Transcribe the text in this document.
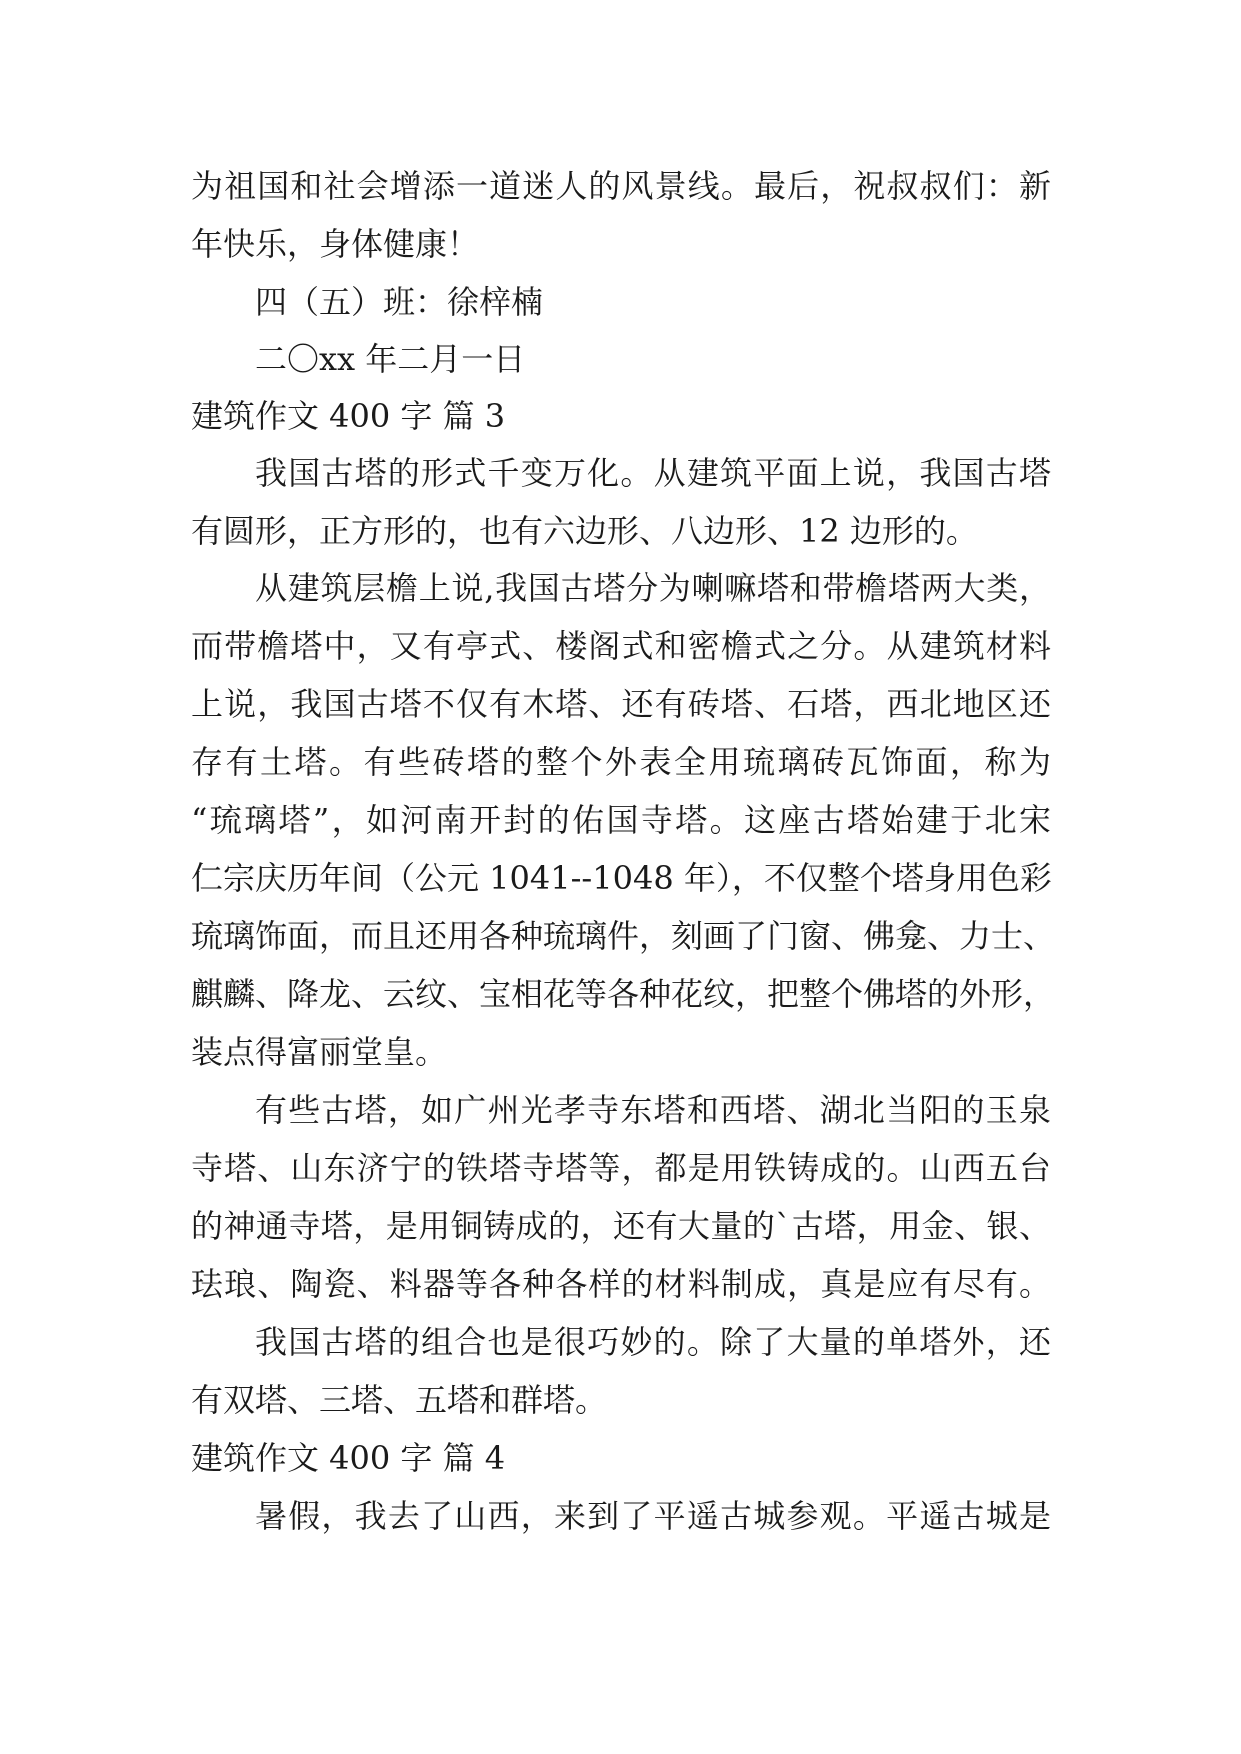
为祖国和社会增添一道迷人的风景线。最后，祝叔叔们：新
年快乐，身体健康！
四（五）班：徐梓楠
二〇xx 年二月一日
建筑作文 400 字 篇 3
我国古塔的形式千变万化。从建筑平面上说，我国古塔
有圆形，正方形的，也有六边形、八边形、12 边形的。
从建筑层檐上说,我国古塔分为喇嘛塔和带檐塔两大类，
而带檐塔中，又有亭式、楼阁式和密檐式之分。从建筑材料
上说，我国古塔不仅有木塔、还有砖塔、石塔，西北地区还
存有土塔。有些砖塔的整个外表全用琉璃砖瓦饰面，称为
“琉璃塔”，如河南开封的佑国寺塔。这座古塔始建于北宋
仁宗庆历年间（公元 1041--1048 年），不仅整个塔身用色彩
琉璃饰面，而且还用各种琉璃件，刻画了门窗、佛龛、力士、
麒麟、降龙、云纹、宝相花等各种花纹，把整个佛塔的外形，
装点得富丽堂皇。
有些古塔，如广州光孝寺东塔和西塔、湖北当阳的玉泉
寺塔、山东济宁的铁塔寺塔等，都是用铁铸成的。山西五台
的神通寺塔，是用铜铸成的，还有大量的`古塔，用金、银、
珐琅、陶瓷、料器等各种各样的材料制成，真是应有尽有。
我国古塔的组合也是很巧妙的。除了大量的单塔外，还
有双塔、三塔、五塔和群塔。
建筑作文 400 字 篇 4
暑假，我去了山西，来到了平遥古城参观。平遥古城是
